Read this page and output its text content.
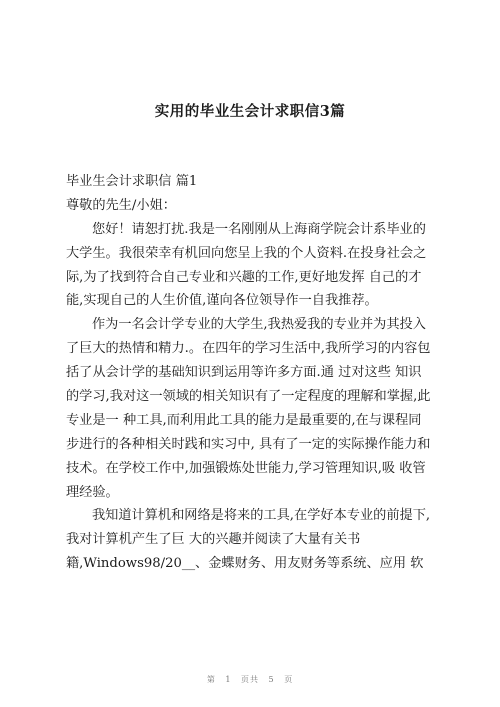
实用的毕业生会计求职信3篇
毕业生会计求职信 篇1
尊敬的先生/小姐：
您好！请恕打扰.我是一名刚刚从上海商学院会计系毕业的
大学生。我很荣幸有机回向您呈上我的个人资料.在投身社会之
际,为了找到符合自己专业和兴趣的工作,更好地发挥 自己的才
能,实现自己的人生价值,谨向各位领导作一自我推荐。
作为一名会计学专业的大学生,我热爱我的专业并为其投入
了巨大的热情和精力.。在四年的学习生活中,我所学习的内容包
括了从会计学的基础知识到运用等许多方面.通 过对这些 知识
的学习,我对这一领域的相关知识有了一定程度的理解和掌握,此
专业是一 种工具,而利用此工具的能力是最重要的,在与课程同
步进行的各种相关时践和实习中, 具有了一定的实际操作能力和
技术。在学校工作中,加强锻炼处世能力,学习管理知识,吸 收管
理经验。
我知道计算机和网络是将来的工具,在学好本专业的前提下,
我对计算机产生了巨 大的兴趣并阅读了大量有关书
籍,Windows98/20__、金蝶财务、用友财务等系统、应用 软
第 1 页共 5 页
